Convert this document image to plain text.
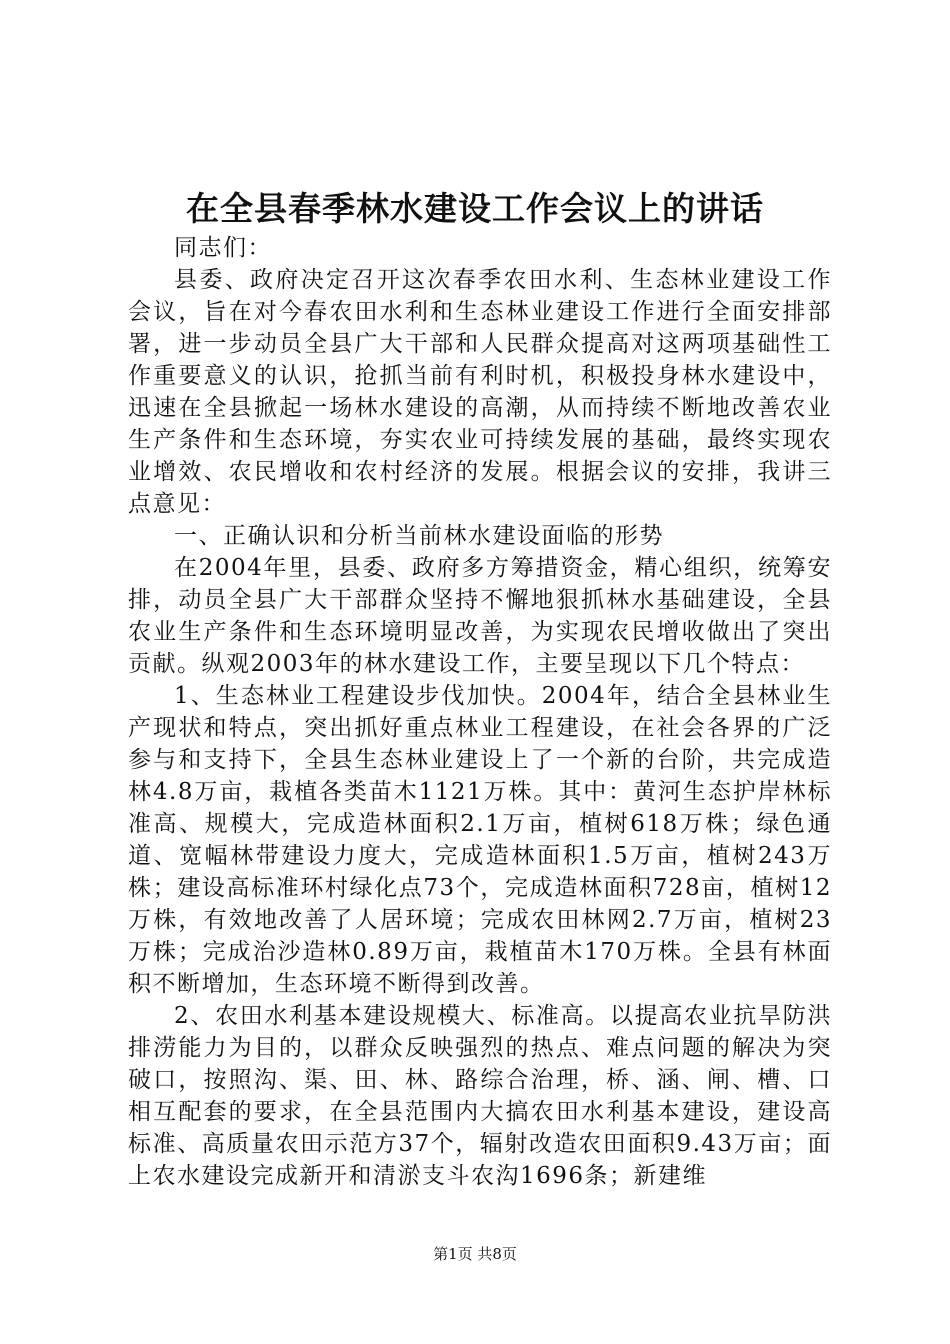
在全县春季林水建设工作会议上的讲话

同志们：

县委、政府决定召开这次春季农田水利、生态林业建设工作会议，旨在对今春农田水利和生态林业建设工作进行全面安排部署，进一步动员全县广大干部和人民群众提高对这两项基础性工作重要意义的认识，抢抓当前有利时机，积极投身林水建设中，迅速在全县掀起一场林水建设的高潮，从而持续不断地改善农业生产条件和生态环境，夯实农业可持续发展的基础，最终实现农业增效、农民增收和农村经济的发展。根据会议的安排，我讲三点意见：

一、正确认识和分析当前林水建设面临的形势

在2004年里，县委、政府多方筹措资金，精心组织，统筹安排，动员全县广大干部群众坚持不懈地狠抓林水基础建设，全县农业生产条件和生态环境明显改善，为实现农民增收做出了突出贡献。纵观2003年的林水建设工作，主要呈现以下几个特点：

1、生态林业工程建设步伐加快。2004年，结合全县林业生产现状和特点，突出抓好重点林业工程建设，在社会各界的广泛参与和支持下，全县生态林业建设上了一个新的台阶，共完成造林4.8万亩，栽植各类苗木1121万株。其中：黄河生态护岸林标准高、规模大，完成造林面积2.1万亩，植树618万株；绿色通道、宽幅林带建设力度大，完成造林面积1.5万亩，植树243万株；建设高标准环村绿化点73个，完成造林面积728亩，植树12万株，有效地改善了人居环境；完成农田林网2.7万亩，植树23万株；完成治沙造林0.89万亩，栽植苗木170万株。全县有林面积不断增加，生态环境不断得到改善。

2、农田水利基本建设规模大、标准高。以提高农业抗旱防洪排涝能力为目的，以群众反映强烈的热点、难点问题的解决为突破口，按照沟、渠、田、林、路综合治理，桥、涵、闸、槽、口相互配套的要求，在全县范围内大搞农田水利基本建设，建设高标准、高质量农田示范方37个，辐射改造农田面积9.43万亩；面上农水建设完成新开和清淤支斗农沟1696条；新建维

第1页 共8页
